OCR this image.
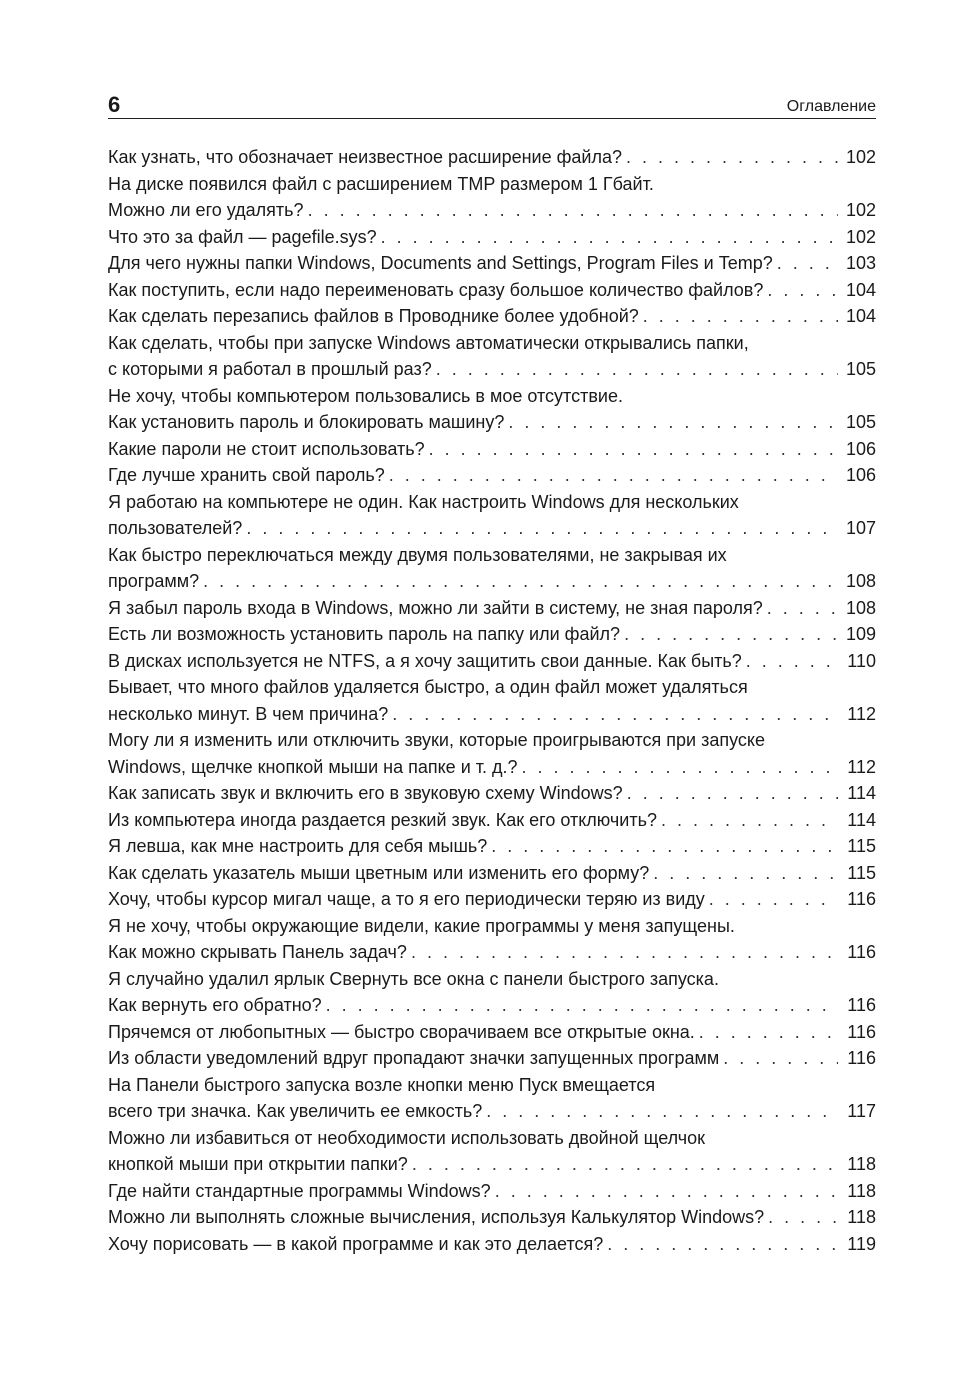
6	Оглавление
Как узнать, что обозначает неизвестное расширение файла? . . .	102
На диске появился файл с расширением TMP размером 1 Гбайт.
Можно ли его удалять? . . .	102
Что это за файл — pagefile.sys? . . .	102
Для чего нужны папки Windows, Documents and Settings, Program Files и Temp? . . .	103
Как поступить, если надо переименовать сразу большое количество файлов? . . .	104
Как сделать перезапись файлов в Проводнике более удобной? . . .	104
Как сделать, чтобы при запуске Windows автоматически открывались папки,
с которыми я работал в прошлый раз? . . .	105
Не хочу, чтобы компьютером пользовались в мое отсутствие.
Как установить пароль и блокировать машину? . . .	105
Какие пароли не стоит использовать? . . .	106
Где лучше хранить свой пароль? . . .	106
Я работаю на компьютере не один. Как настроить Windows для нескольких
пользователей? . . .	107
Как быстро переключаться между двумя пользователями, не закрывая их
программ? . . .	108
Я забыл пароль входа в Windows, можно ли зайти в систему, не зная пароля? . . .	108
Есть ли возможность установить пароль на папку или файл? . . .	109
В дисках используется не NTFS, а я хочу защитить свои данные. Как быть? . . .	110
Бывает, что много файлов удаляется быстро, а один файл может удаляться
несколько минут. В чем причина? . . .	112
Могу ли я изменить или отключить звуки, которые проигрываются при запуске
Windows, щелчке кнопкой мыши на папке и т. д.? . . .	112
Как записать звук и включить его в звуковую схему Windows? . . .	114
Из компьютера иногда раздается резкий звук. Как его отключить? . . .	114
Я левша, как мне настроить для себя мышь? . . .	115
Как сделать указатель мыши цветным или изменить его форму? . . .	115
Хочу, чтобы курсор мигал чаще, а то я его периодически теряю из виду . . .	116
Я не хочу, чтобы окружающие видели, какие программы у меня запущены.
Как можно скрывать Панель задач? . . .	116
Я случайно удалил ярлык Свернуть все окна с панели быстрого запуска.
Как вернуть его обратно? . . .	116
Прячемся от любопытных — быстро сворачиваем все открытые окна. . . .	116
Из области уведомлений вдруг пропадают значки запущенных программ . . .	116
На Панели быстрого запуска возле кнопки меню Пуск вмещается
всего три значка. Как увеличить ее емкость? . . .	117
Можно ли избавиться от необходимости использовать двойной щелчок
кнопкой мыши при открытии папки? . . .	118
Где найти стандартные программы Windows? . . .	118
Можно ли выполнять сложные вычисления, используя Калькулятор Windows? . . .	118
Хочу порисовать — в какой программе и как это делается? . . .	119
